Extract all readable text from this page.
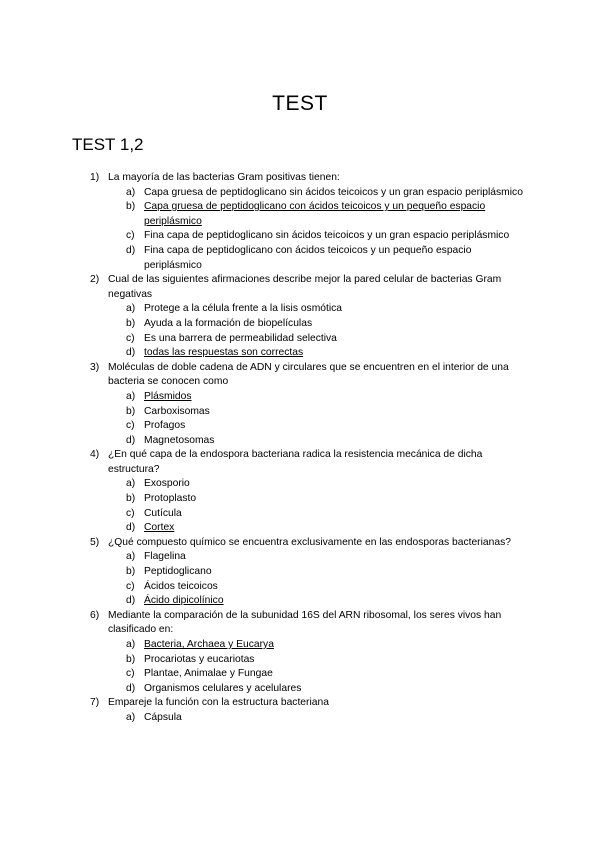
TEST
TEST 1,2
1) La mayoría de las bacterias Gram positivas tienen:
a) Capa gruesa de peptidoglicano sin ácidos teicoicos y un gran espacio periplásmico
b) Capa gruesa de peptidoglicano con ácidos teicoicos y un pequeño espacio periplásmico
c) Fina capa de peptidoglicano sin ácidos teicoicos y un gran espacio periplásmico
d) Fina capa de peptidoglicano con ácidos teicoicos y un pequeño espacio periplásmico
2) Cual de las siguientes afirmaciones describe mejor la pared celular de bacterias Gram negativas
a) Protege a la célula frente a la lisis osmótica
b) Ayuda a la formación de biopelículas
c) Es una barrera de permeabilidad selectiva
d) todas las respuestas son correctas
3) Moléculas de doble cadena de ADN y circulares que se encuentren en el interior de una bacteria se conocen como
a) Plásmidos
b) Carboxisomas
c) Profagos
d) Magnetosomas
4) ¿En qué capa de la endospora bacteriana radica la resistencia mecánica de dicha estructura?
a) Exosporio
b) Protoplasto
c) Cutícula
d) Cortex
5) ¿Qué compuesto químico se encuentra exclusivamente en las endosporas bacterianas?
a) Flagelina
b) Peptidoglicano
c) Ácidos teicoicos
d) Ácido dipicolínico
6) Mediante la comparación de la subunidad 16S del ARN ribosomal, los seres vivos han clasificado en:
a) Bacteria, Archaea y Eucarya
b) Procariotas y eucariotas
c) Plantae, Animalae y Fungae
d) Organismos celulares y acelulares
7) Empareje la función con la estructura bacteriana
a) Cápsula
